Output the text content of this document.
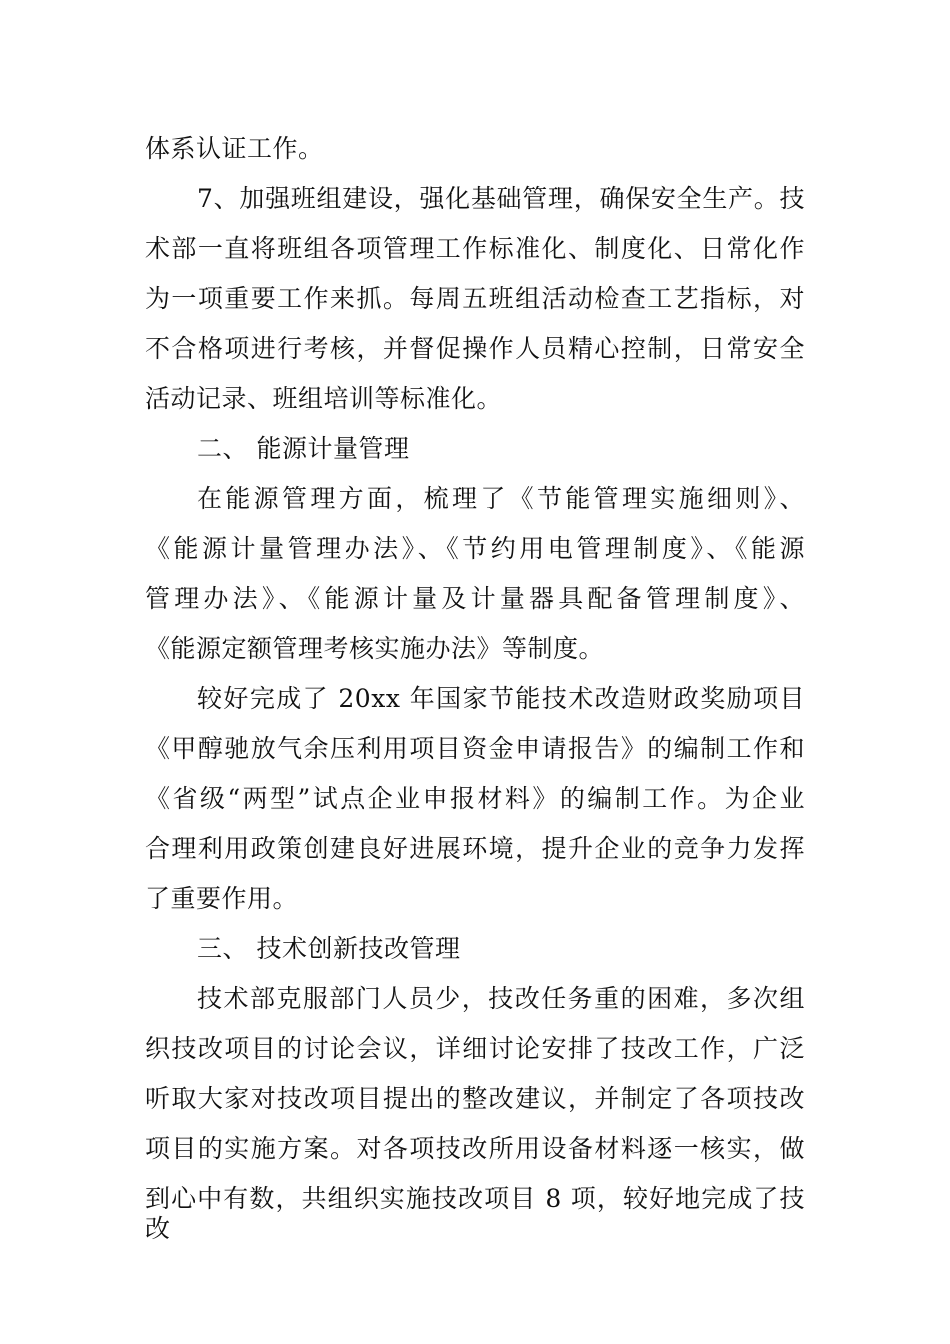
体系认证工作。
7、加强班组建设，强化基础管理，确保安全生产。技
术部一直将班组各项管理工作标准化、制度化、日常化作
为一项重要工作来抓。每周五班组活动检查工艺指标，对
不合格项进行考核，并督促操作人员精心控制，日常安全
活动记录、班组培训等标准化。
二、 能源计量管理
在能源管理方面，梳理了《节能管理实施细则》、
《能源计量管理办法》、《节约用电管理制度》、《能源
管理办法》、《能源计量及计量器具配备管理制度》、
《能源定额管理考核实施办法》等制度。
较好完成了 20xx 年国家节能技术改造财政奖励项目
《甲醇驰放气余压利用项目资金申请报告》的编制工作和
《省级“两型”试点企业申报材料》的编制工作。为企业
合理利用政策创建良好进展环境，提升企业的竞争力发挥
了重要作用。
三、 技术创新技改管理
技术部克服部门人员少，技改任务重的困难，多次组
织技改项目的讨论会议，详细讨论安排了技改工作，广泛
听取大家对技改项目提出的整改建议，并制定了各项技改
项目的实施方案。对各项技改所用设备材料逐一核实，做
到心中有数，共组织实施技改项目 8 项，较好地完成了技改
